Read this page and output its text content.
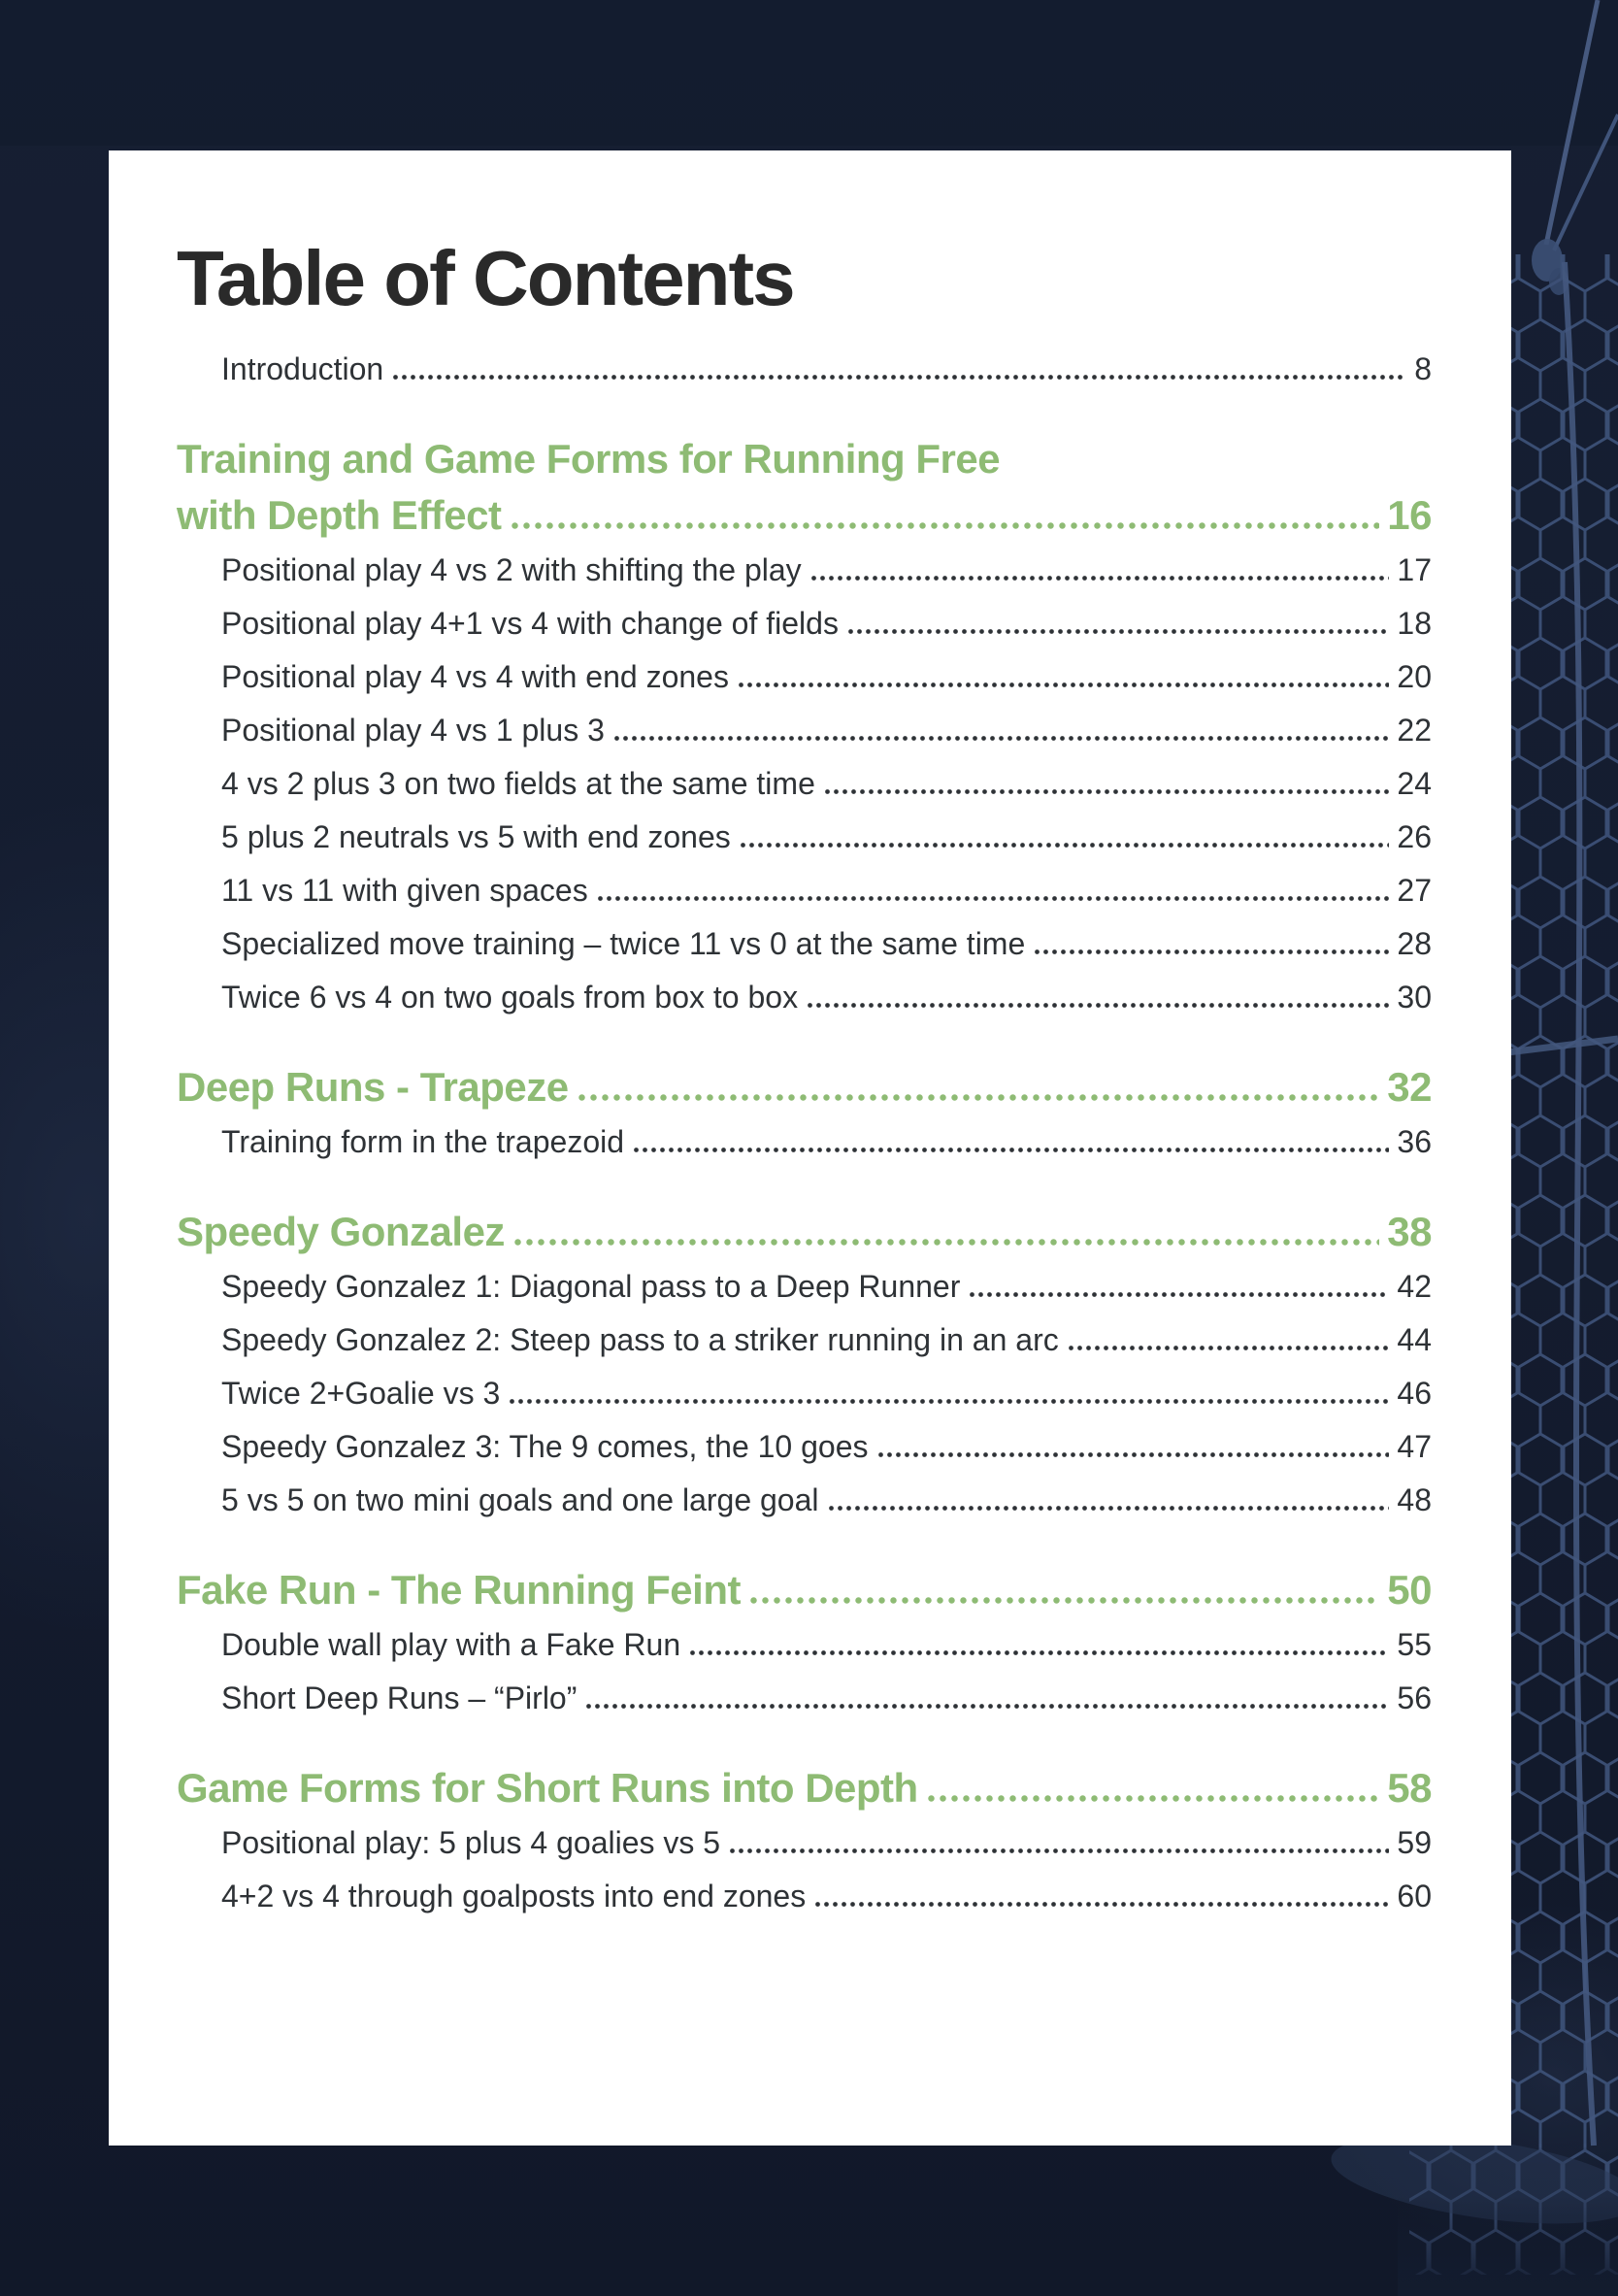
Table of Contents
Introduction	8
Training and Game Forms for Running Free
with Depth Effect	16
Positional play 4 vs 2 with shifting the play	17
Positional play 4+1 vs 4 with change of fields	18
Positional play 4 vs 4 with end zones	20
Positional play 4 vs 1 plus 3	22
4 vs 2 plus 3 on two fields at the same time	24
5 plus 2 neutrals vs 5 with end zones	26
11 vs 11 with given spaces	27
Specialized move training – twice 11 vs 0 at the same time	28
Twice 6 vs 4 on two goals from box to box	30
Deep Runs - Trapeze	32
Training form in the trapezoid	36
Speedy Gonzalez	38
Speedy Gonzalez 1: Diagonal pass to a Deep Runner	42
Speedy Gonzalez 2: Steep pass to a striker running in an arc	44
Twice 2+Goalie vs 3	46
Speedy Gonzalez 3: The 9 comes, the 10 goes	47
5 vs 5 on two mini goals and one large goal	48
Fake Run - The Running Feint	50
Double wall play with a Fake Run	55
Short Deep Runs – “Pirlo”	56
Game Forms for Short Runs into Depth	58
Positional play: 5 plus 4 goalies vs 5	59
4+2 vs 4 through goalposts into end zones	60
